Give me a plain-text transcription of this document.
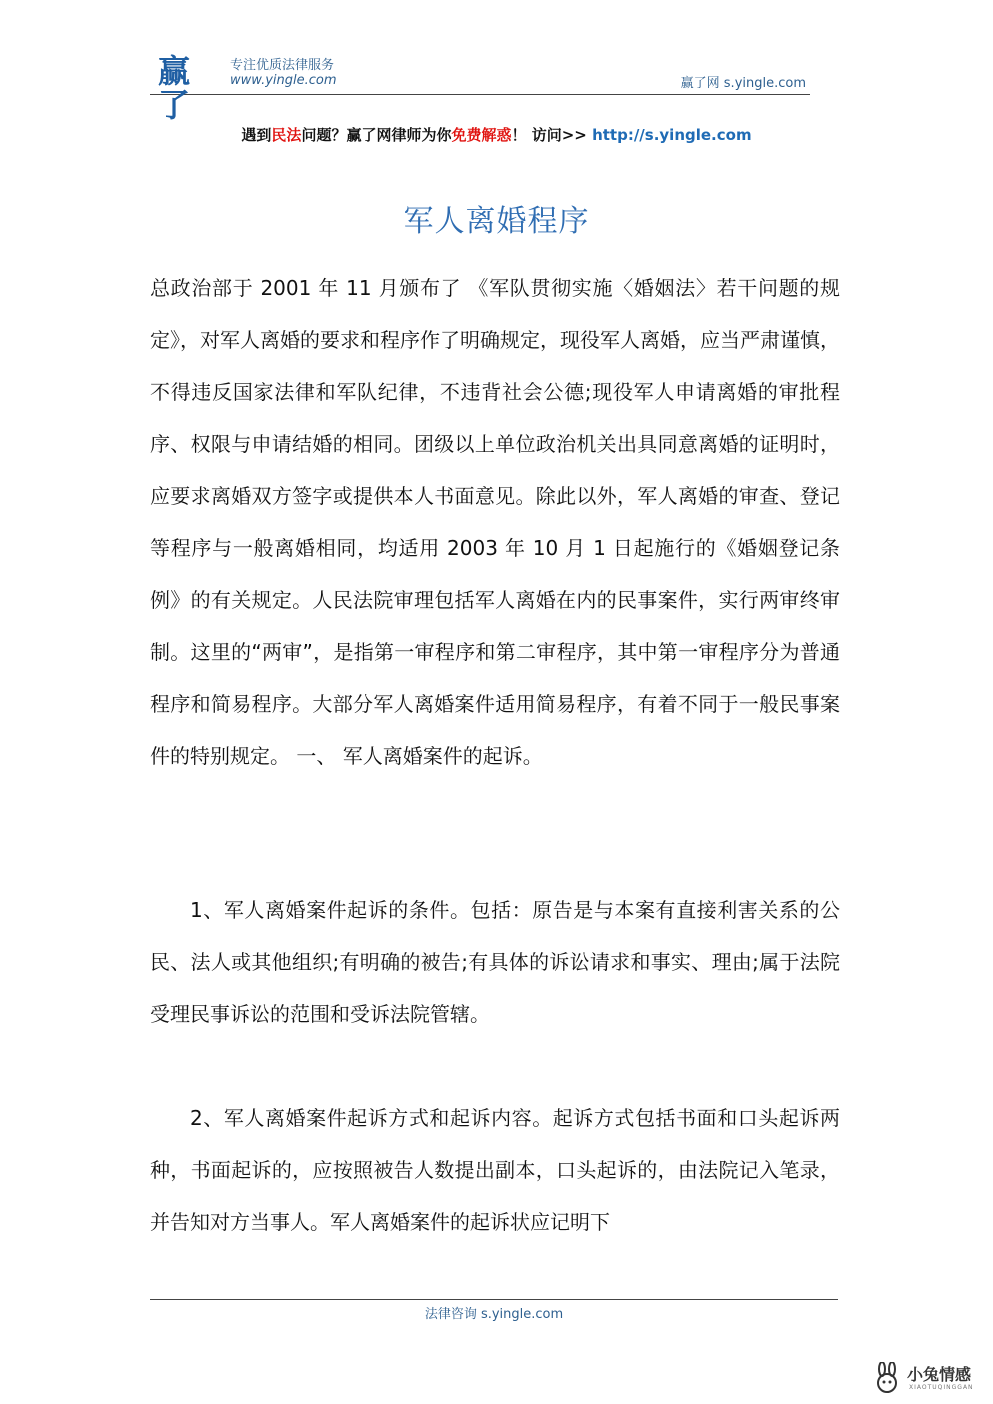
赢了
专注优质法律服务
www.yingle.com	赢了网 s.yingle.com
遇到民法问题？赢了网律师为你免费解惑！ 访问>> http://s.yingle.com
军人离婚程序
总政治部于 2001 年 11 月颁布了 《军队贯彻实施〈婚姻法〉若干问题的规定》，对军人离婚的要求和程序作了明确规定，现役军人离婚，应当严肃谨慎， 不得违反国家法律和军队纪律，不违背社会公德;现役军人申请离婚的审批程序、权限与申请结婚的相同。团级以上单位政治机关出具同意离婚的证明时，应要求离婚双方签字或提供本人书面意见。除此以外，军人离婚的审查、登记等程序与一般离婚相同，均适用 2003 年 10 月 1 日起施行的《婚姻登记条例》的有关规定。人民法院审理包括军人离婚在内的民事案件，实行两审终审制。这里的“两审”，是指第一审程序和第二审程序，其中第一审程序分为普通程序和简易程序。大部分军人离婚案件适用简易程序，有着不同于一般民事案件的特别规定。 一、 军人离婚案件的起诉。
1、军人离婚案件起诉的条件。包括：原告是与本案有直接利害关系的公民、法人或其他组织;有明确的被告;有具体的诉讼请求和事实、理由;属于法院受理民事诉讼的范围和受诉法院管辖。
2、军人离婚案件起诉方式和起诉内容。起诉方式包括书面和口头起诉两种，书面起诉的，应按照被告人数提出副本，口头起诉的，由法院记入笔录，并告知对方当事人。军人离婚案件的起诉状应记明下
法律咨询 s.yingle.com
小兔情感
XIAOTUQINGGAN
